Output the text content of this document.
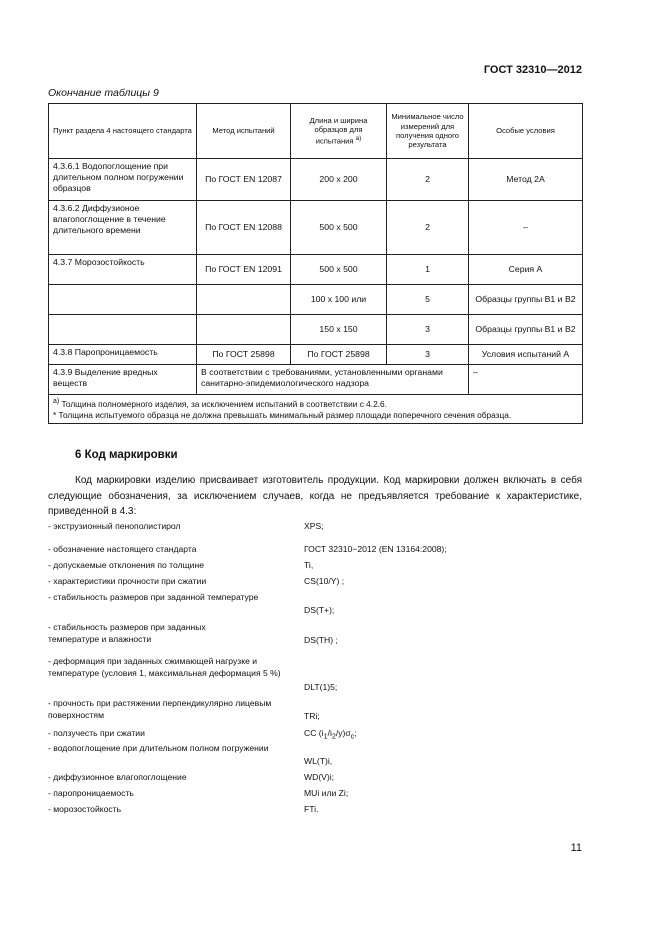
ГОСТ 32310—2012
Окончание таблицы 9
Пункт раздела 4 настоящего стандарта	Метод испытаний	Длина и ширина образцов для испытания $^{а)}$	Минимальное число измерений для получения одного результата	Особые условия
4.3.6.1 Водопоглощение при длительном полном погружении образцов	По ГОСТ EN 12087	200 x 200	2	Метод 2А
4.3.6.2 Диффузионое влагопоглощение в течение длительного времени	По ГОСТ EN 12088	500 x 500	2	–
4.3.7 Морозостойкость	По ГОСТ EN 12091	500 x 500	1	Серия А
		100 x 100 или	5	Образцы группы В1 и В2
		150 x 150	3	Образцы группы В1 и В2
4.3.8 Паропроницаемость	По ГОСТ 25898	По ГОСТ 25898	3	Условия испытаний А
4.3.9 Выделение вредных веществ	В соответствии с требованиями, установленными органами санитарно-эпидемиологического надзора			–

$^{а)}$ Толщина полномерного изделия, за исключением испытаний в соответствии с 4.2.6.
* Толщина испытуемого образца не должна превышать минимальный размер площади поперечного сечения образца.				
6 Код маркировки
Код маркировки изделию присваивает изготовитель продукции. Код маркировки должен включать в себя следующие обозначения, за исключением случаев, когда не предъявляется требование к характеристике, приведенной в 4.3:
- экструзионный пенополистирол	XPS;
- обозначение настоящего стандарта	ГОСТ 32310−2012 (EN 13164:2008);
- допускаемые отклонения по толщине	Ti,
- характеристики прочности при сжатии	CS(10/Y) ;
- стабильность размеров при заданной температуре
DS(T+);
- стабильность размеров при заданных температуре и влажности	DS(TH) ;
- деформация при заданных сжимающей нагрузке и температуре (условия 1, максимальная деформация 5 %)
DLT(1)5;
- прочность при растяжении перпендикулярно лицевым поверхностям	TRi;
- ползучесть при сжатии	CC $(i_1/i_2/y)\sigma_c$;
- водопоглощение при длительном полном погружении
WL(T)i,
- диффузионное влагопоглощение	WD(V)i;
- паропроницаемость	MUi или Zi;
- морозостойкость	FTi.
11
